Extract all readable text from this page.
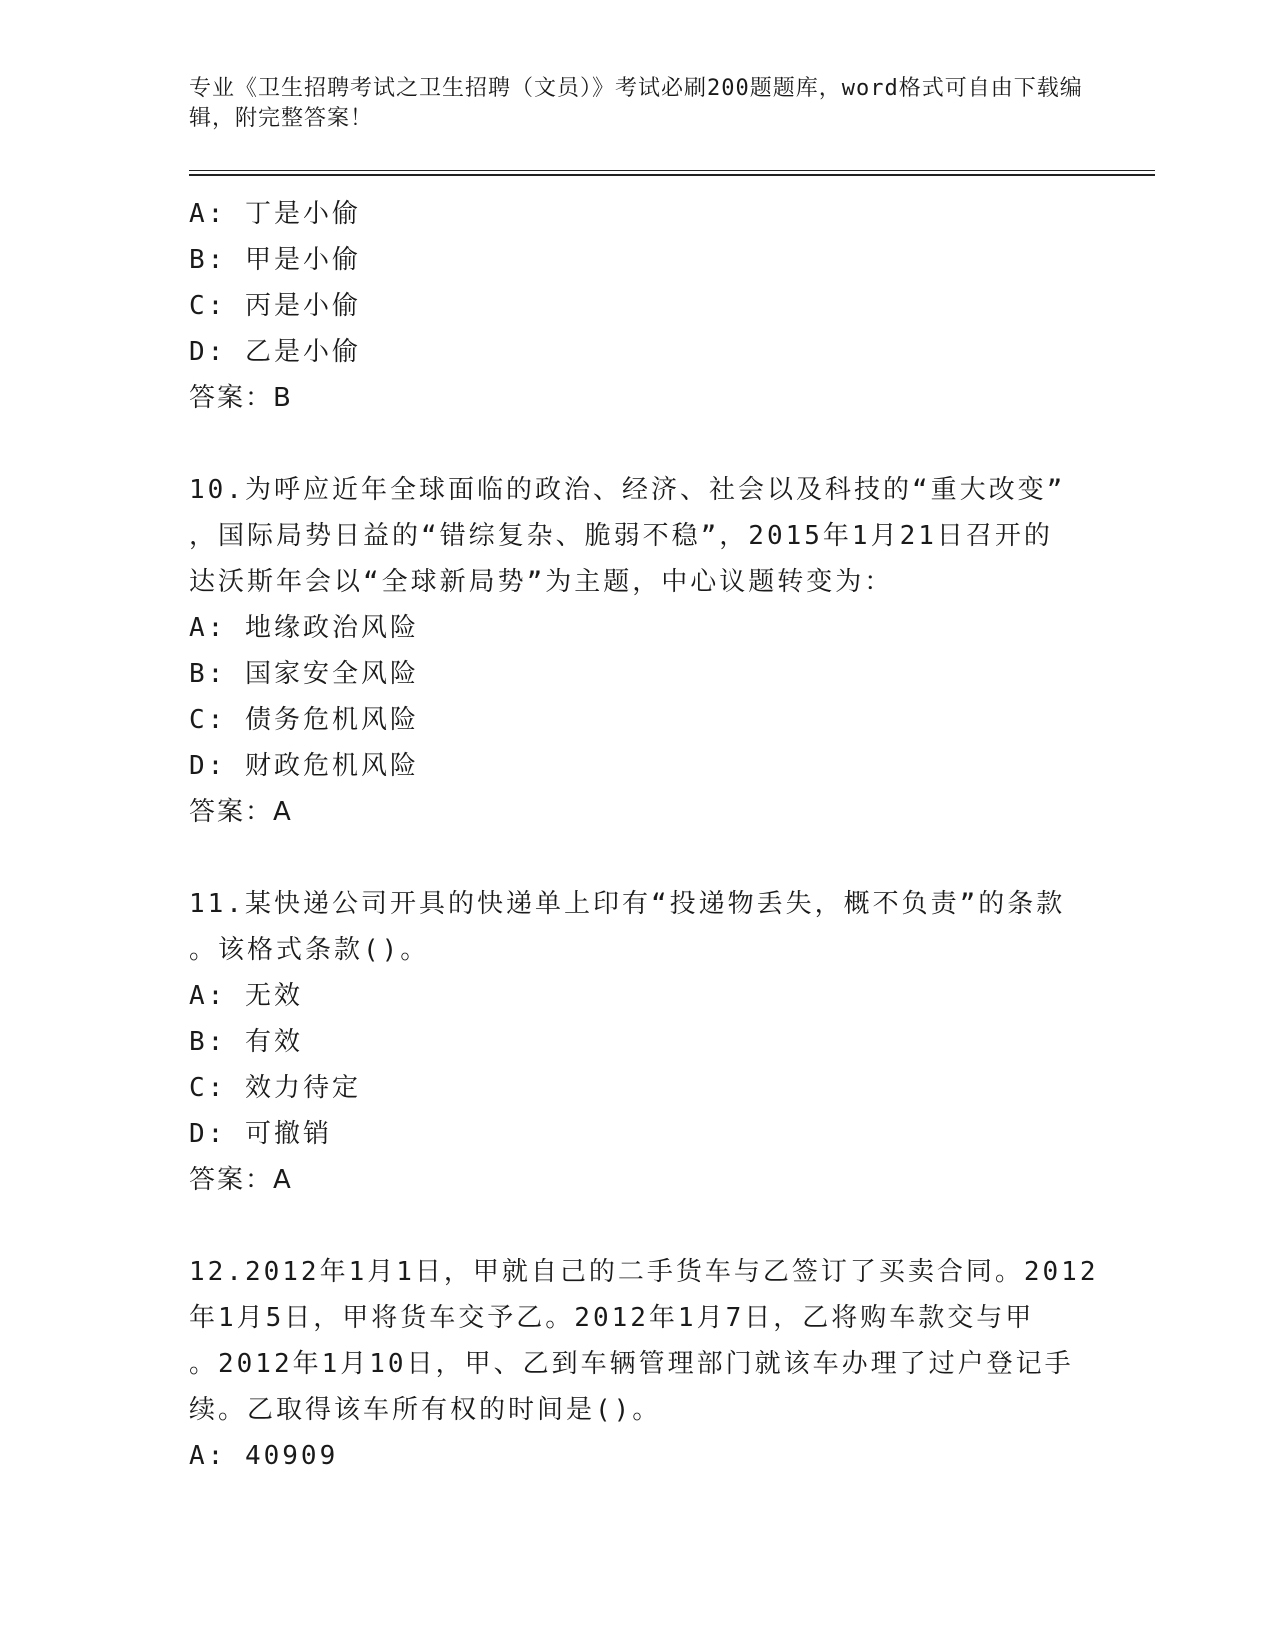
专业《卫生招聘考试之卫生招聘（文员）》考试必刷200题题库，word格式可自由下载编辑，附完整答案！
A: 丁是小偷
B: 甲是小偷
C: 丙是小偷
D: 乙是小偷
答案：B
10.为呼应近年全球面临的政治、经济、社会以及科技的“重大改变”
，国际局势日益的“错综复杂、脆弱不稳”，2015年1月21日召开的
达沃斯年会以“全球新局势”为主题，中心议题转变为：
A: 地缘政治风险
B: 国家安全风险
C: 债务危机风险
D: 财政危机风险
答案：A
11.某快递公司开具的快递单上印有“投递物丢失，概不负责”的条款
。该格式条款()。
A: 无效
B: 有效
C: 效力待定
D: 可撤销
答案：A
12.2012年1月1日，甲就自己的二手货车与乙签订了买卖合同。2012
年1月5日，甲将货车交予乙。2012年1月7日，乙将购车款交与甲
。2012年1月10日，甲、乙到车辆管理部门就该车办理了过户登记手
续。乙取得该车所有权的时间是()。
A: 40909
